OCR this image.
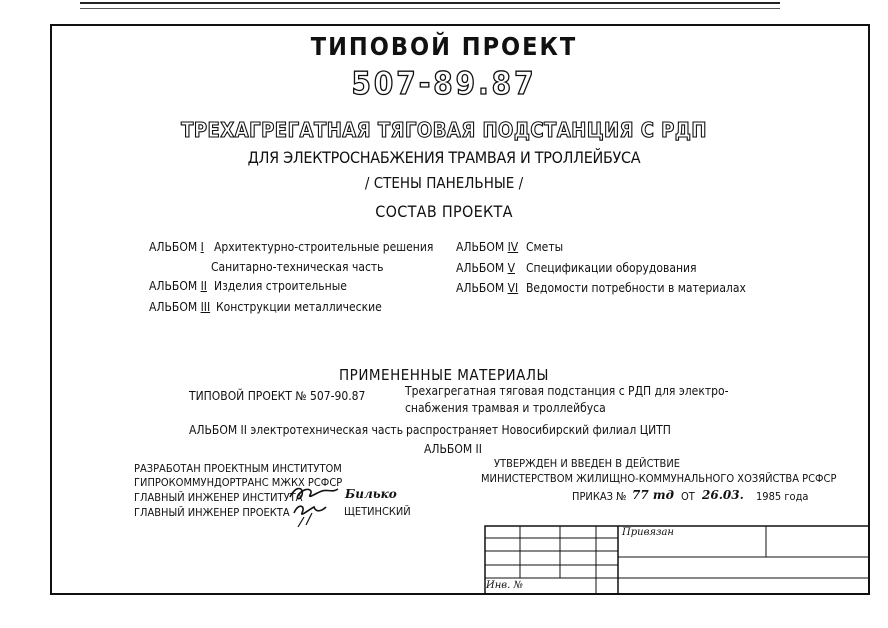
ТИПОВОЙ ПРОЕКТ
507-89.87
ТРЕХАГРЕГАТНАЯ ТЯГОВАЯ ПОДСТАНЦИЯ С РДП
ДЛЯ ЭЛЕКТРОСНАБЖЕНИЯ ТРАМВАЯ И ТРОЛЛЕЙБУСА
/ СТЕНЫ ПАНЕЛЬНЫЕ /
СОСТАВ ПРОЕКТА
АЛЬБОМ I Архитектурно-строительные решения
Санитарно-техническая часть
АЛЬБОМ II Изделия строительные
АЛЬБОМ III Конструкции металлические
АЛЬБОМ IV Сметы
АЛЬБОМ V Спецификации оборудования
АЛЬБОМ VI Ведомости потребности в материалах
ПРИМЕНЕННЫЕ МАТЕРИАЛЫ
ТИПОВОЙ ПРОЕКТ № 507-90.87	Трехагрегатная тяговая подстанция с РДП для электро-
снабжения трамвая и троллейбуса
АЛЬБОМ II электротехническая часть распространяет Новосибирский филиал ЦИТП
АЛЬБОМ II
РАЗРАБОТАН ПРОЕКТНЫМ ИНСТИТУТОМ
ГИПРОКОММУНДОРТРАНС МЖКХ РСФСР
ГЛАВНЫЙ ИНЖЕНЕР ИНСТИТУТА	Билько
ГЛАВНЫЙ ИНЖЕНЕР ПРОЕКТА	ЩЕТИНСКИЙ
УТВЕРЖДЕН И ВВЕДЕН В ДЕЙСТВИЕ
МИНИСТЕРСТВОМ ЖИЛИЩНО-КОММУНАЛЬНОГО ХОЗЯЙСТВА РСФСР
ПРИКАЗ № 77 тд ОТ 26.03. 1985 года
Привязан
Инв. №
